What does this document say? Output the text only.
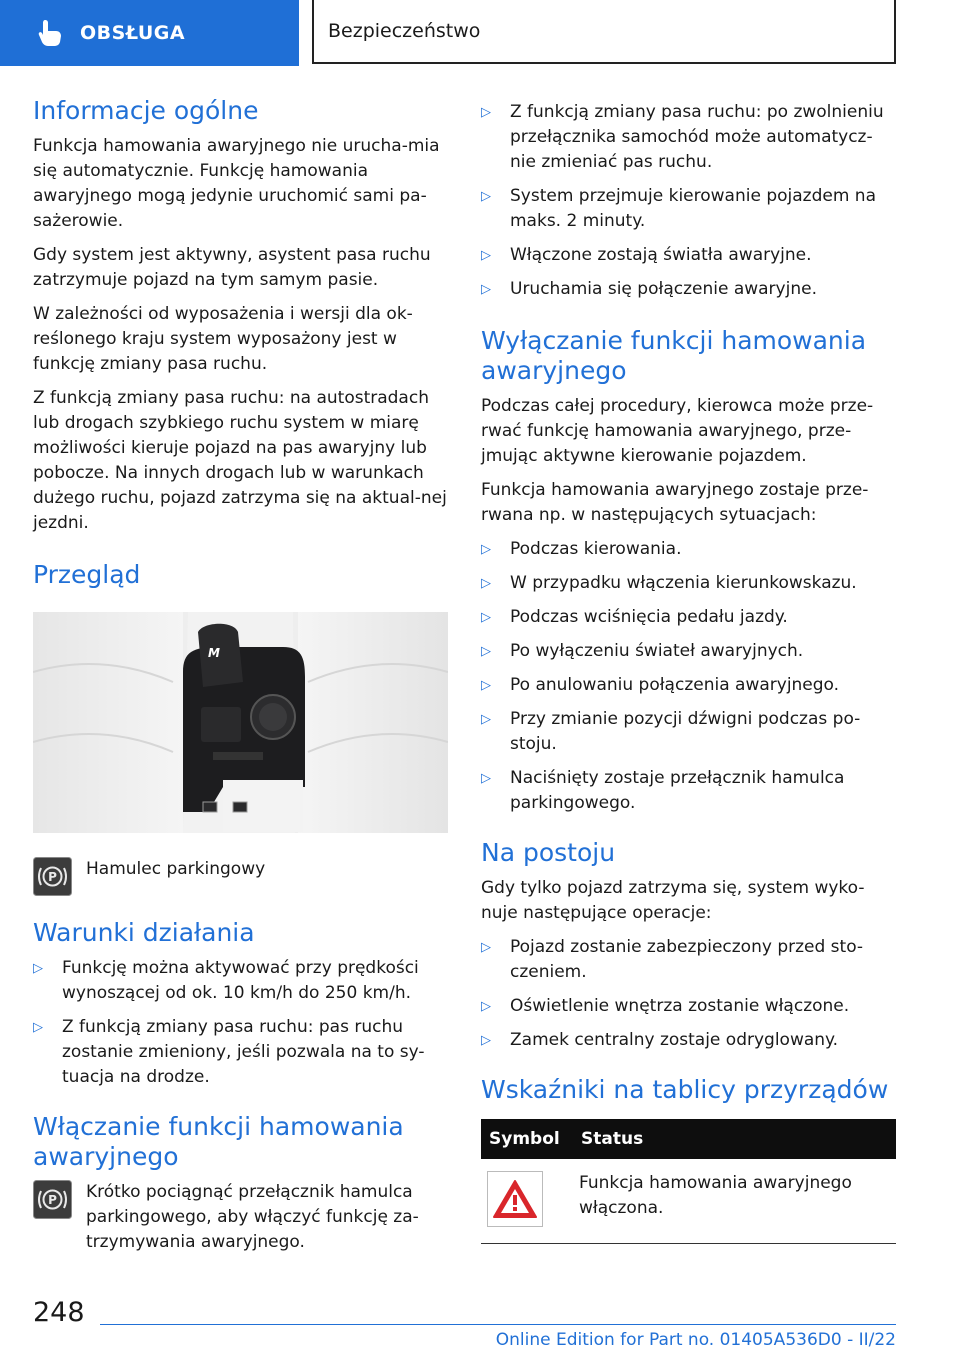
OBSŁUGA	Bezpieczeństwo
Informacje ogólne

Funkcja hamowania awaryjnego nie urucha-mia się automatycznie. Funkcję hamowania awaryjnego mogą jedynie uruchomić sami pa-sażerowie.

Gdy system jest aktywny, asystent pasa ruchu zatrzymuje pojazd na tym samym pasie.

W zależności od wyposażenia i wersji dla ok-reślonego kraju system wyposażony jest w funkcję zmiany pasa ruchu.

Z funkcją zmiany pasa ruchu: na autostradach lub drogach szybkiego ruchu system w miarę możliwości kieruje pojazd na pas awaryjny lub pobocze. Na innych drogach lub w warunkach dużego ruchu, pojazd zatrzyma się na aktual-nej jezdni.

Przegląd
M
P Hamulec parkingowy

Warunki działania
▷ Funkcję można aktywować przy prędkości wynoszącej od ok. 10 km/h do 250 km/h.
▷ Z funkcją zmiany pasa ruchu: pas ruchu zostanie zmieniony, jeśli pozwala na to sy-tuacja na drodze.
Włączanie funkcji hamowania awaryjnego
P Krótko pociągnąć przełącznik hamulca parkingowego, aby włączyć funkcję za-trzymywania awaryjnego.

▷ Z funkcją zmiany pasa ruchu: po zwolnieniu przełącznika samochód może automatycz-nie zmieniać pas ruchu.
▷ System przejmuje kierowanie pojazdem na maks. 2 minuty.
▷ Włączone zostają światła awaryjne.
▷ Uruchamia się połączenie awaryjne.
Wyłączanie funkcji hamowania awaryjnego

Podczas całej procedury, kierowca może prze-rwać funkcję hamowania awaryjnego, prze-jmując aktywne kierowanie pojazdem.

Funkcja hamowania awaryjnego zostaje prze-rwana np. w następujących sytuacjach:

▷ Podczas kierowania.
▷ W przypadku włączenia kierunkowskazu.
▷ Podczas wciśnięcia pedału jazdy.
▷ Po wyłączeniu świateł awaryjnych.
▷ Po anulowaniu połączenia awaryjnego.
▷ Przy zmianie pozycji dźwigni podczas po-stoju.
▷ Naciśnięty zostaje przełącznik hamulca parkingowego.
Na postoju

Gdy tylko pojazd zatrzyma się, system wyko-nuje następujące operacje:

▷ Pojazd zostanie zabezpieczony przed sto-czeniem.
▷ Oświetlenie wnętrza zostanie włączone.
▷ Zamek centralny zostaje odryglowany.
Wskaźniki na tablicy przyrządów
Symbol	Status

	Funkcja hamowania awaryjnego włączona.
248
Online Edition for Part no. 01405A536D0 - II/22
